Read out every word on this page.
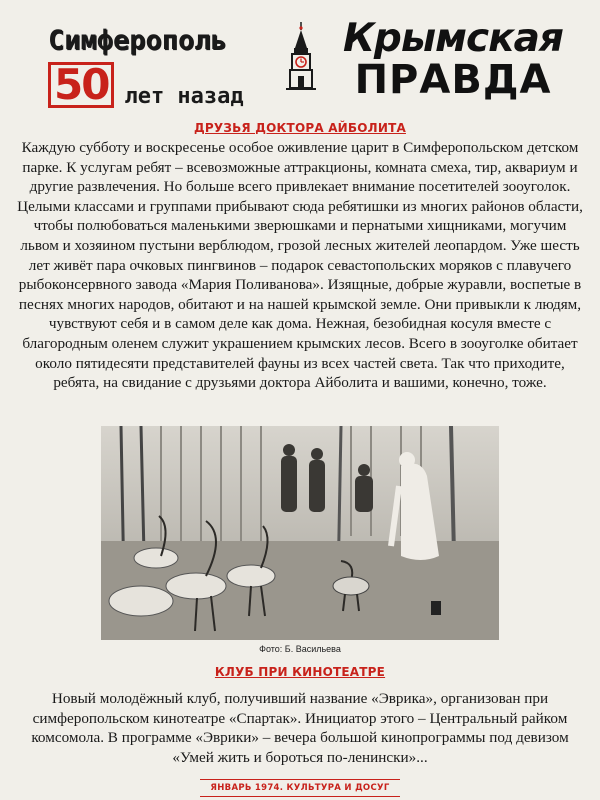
Симферополь
50 лет назад
Крымская
ПРАВДА
ДРУЗЬЯ ДОКТОРА АЙБОЛИТА
Каждую субботу и воскресенье особое оживление царит в Симферопольском детском парке. К услугам ребят – всевозможные аттракционы, комната смеха, тир, аквариум и другие развлечения. Но больше всего привлекает внимание посетителей зооуголок. Целыми классами и группами прибывают сюда ребятишки из многих районов области, чтобы полюбоваться маленькими зверюшками и пернатыми хищниками, могучим львом и хозяином пустыни верблюдом, грозой лесных жителей леопардом. Уже шесть лет живёт пара очковых пингвинов – подарок севастопольских моряков с плавучего рыбоконсервного завода «Мария Поливанова». Изящные, добрые журавли, воспетые в песнях многих народов, обитают и на нашей крымской земле. Они привыкли к людям, чувствуют себя и в самом деле как дома. Нежная, безобидная косуля вместе с благородным оленем служит украшением крымских лесов. Всего в зооуголке обитает около пятидесяти представителей фауны из всех частей света. Так что приходите, ребята, на свидание с друзьями доктора Айболита и вашими, конечно, тоже.
Фото: Б. Васильева
КЛУБ ПРИ КИНОТЕАТРЕ
Новый молодёжный клуб, получивший название «Эврика», организован при симферопольском кинотеатре «Спартак». Инициатор этого – Центральный райком комсомола. В программе «Эврики» – вечера большой кинопрограммы под девизом «Умей жить и бороться по-ленински»...
ЯНВАРЬ 1974. КУЛЬТУРА И ДОСУГ
